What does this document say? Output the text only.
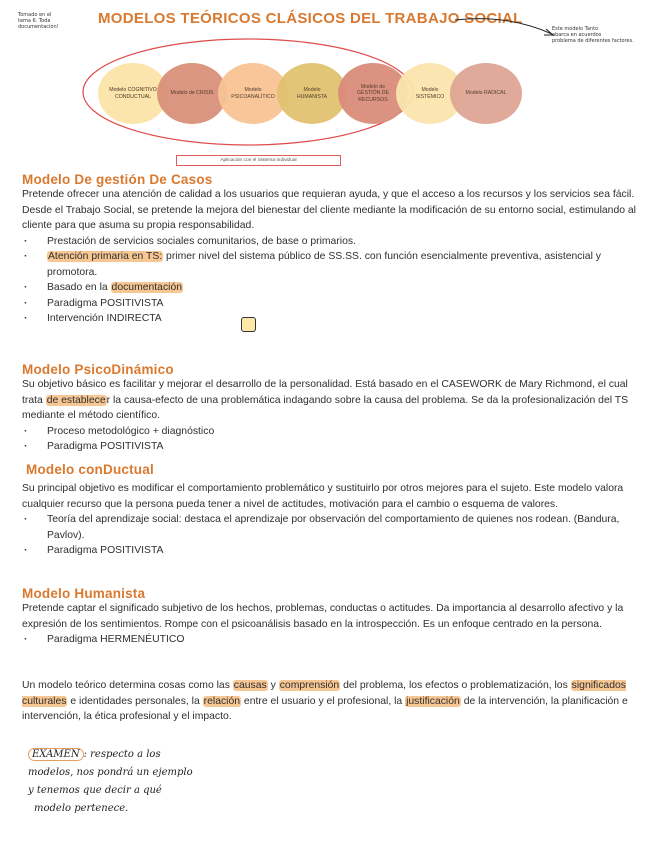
Tomado en el
tema 6. Toda
documentación!	MODELOS TEÓRICOS CLÁSICOS DEL TRABAJO SOCIAL
Este modelo Tanto
abarca en acuerdos
problema de diferentes factores.
Modelo COGNITIVO CONDUCTUAL
Modelo de CRISIS
Modelo PSICOANALÍTICO
Modelo HUMANISTA
Modelo de GESTIÓN DE RECURSOS
Modelo SISTÉMICO
Modelo RADICAL
Aplicación con el Sistema Individual
Modelo De gestión De Casos
Pretende ofrecer una atención de calidad a los usuarios que requieran ayuda, y que el acceso a los recursos y los servicios sea fácil.
Desde el Trabajo Social, se pretende la mejora del bienestar del cliente mediante la modificación de su entorno social, estimulando al cliente para que asuma su propia responsabilidad.
· Prestación de servicios sociales comunitarios, de base o primarios.
· Atención primaria en TS: primer nivel del sistema público de SS.SS. con función esencialmente preventiva, asistencial y promotora.
· Basado en la documentación
· Paradigma POSITIVISTA
· Intervención INDIRECTA
Modelo PsicoDinámico
Su objetivo básico es facilitar y mejorar el desarrollo de la personalidad. Está basado en el CASEWORK de Mary Richmond, el cual trata de establecer la causa-efecto de una problemática indagando sobre la causa del problema. Se da la profesionalización del TS mediante el método científico.
· Proceso metodológico + diagnóstico
· Paradigma POSITIVISTA
Modelo conDuctual
Su principal objetivo es modificar el comportamiento problemático y sustituirlo por otros mejores para el sujeto. Este modelo valora cualquier recurso que la persona pueda tener a nivel de actitudes, motivación para el cambio o esquema de valores.
· Teoría del aprendizaje social: destaca el aprendizaje por observación del comportamiento de quienes nos rodean. (Bandura, Pavlov).
· Paradigma POSITIVISTA
Modelo Humanista
Pretende captar el significado subjetivo de los hechos, problemas, conductas o actitudes. Da importancia al desarrollo afectivo y la expresión de los sentimientos. Rompe con el psicoanálisis basado en la introspección. Es un enfoque centrado en la persona.
· Paradigma HERMENÉUTICO
Un modelo teórico determina cosas como las causas y comprensión del problema, los efectos o problematización, los significados culturales e identidades personales, la relación entre el usuario y el profesional, la justificación de la intervención, la planificación e intervención, la ética profesional y el impacto.
EXAMEN : respecto a los
modelos, nos pondrá un ejemplo
y tenemos que decir a qué
modelo pertenece.
